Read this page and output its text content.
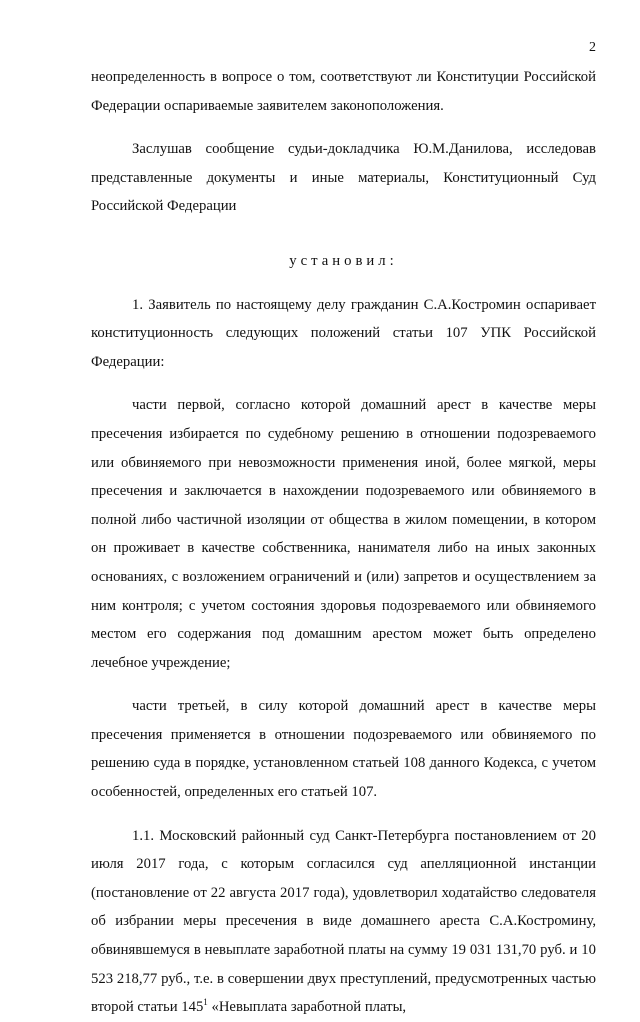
2

неопределенность в вопросе о том, соответствуют ли Конституции Российской Федерации оспариваемые заявителем законоположения.

Заслушав сообщение судьи-докладчика Ю.М.Данилова, исследовав представленные документы и иные материалы, Конституционный Суд Российской Федерации

установил:

1. Заявитель по настоящему делу гражданин С.А.Костромин оспаривает конституционность следующих положений статьи 107 УПК Российской Федерации:

части первой, согласно которой домашний арест в качестве меры пресечения избирается по судебному решению в отношении подозреваемого или обвиняемого при невозможности применения иной, более мягкой, меры пресечения и заключается в нахождении подозреваемого или обвиняемого в полной либо частичной изоляции от общества в жилом помещении, в котором он проживает в качестве собственника, нанимателя либо на иных законных основаниях, с возложением ограничений и (или) запретов и осуществлением за ним контроля; с учетом состояния здоровья подозреваемого или обвиняемого местом его содержания под домашним арестом может быть определено лечебное учреждение;

части третьей, в силу которой домашний арест в качестве меры пресечения применяется в отношении подозреваемого или обвиняемого по решению суда в порядке, установленном статьей 108 данного Кодекса, с учетом особенностей, определенных его статьей 107.

1.1. Московский районный суд Санкт-Петербурга постановлением от 20 июля 2017 года, с которым согласился суд апелляционной инстанции (постановление от 22 августа 2017 года), удовлетворил ходатайство следователя об избрании меры пресечения в виде домашнего ареста С.А.Костромину, обвинявшемуся в невыплате заработной платы на сумму 19 031 131,70 руб. и 10 523 218,77 руб., т.е. в совершении двух преступлений, предусмотренных частью второй статьи $145^1$ «Невыплата заработной платы,
